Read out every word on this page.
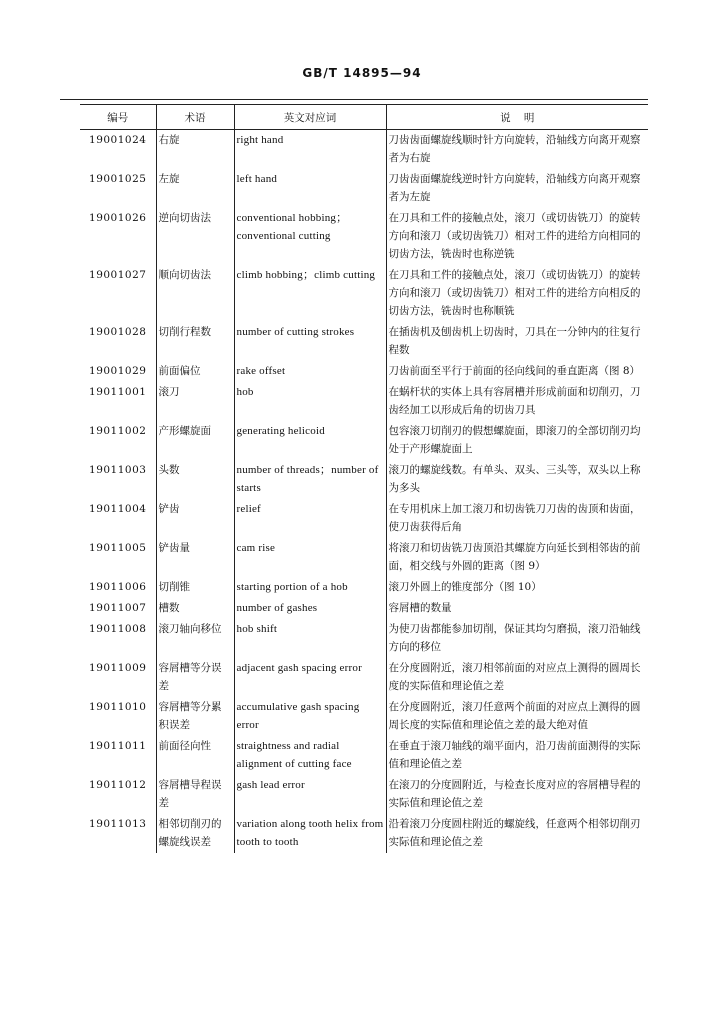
GB/T 14895—94
编号	术语	英文对应词	说    明
19001024	右旋	right hand	刀齿齿面螺旋线顺时针方向旋转，沿轴线方向离开观察者为右旋
19001025	左旋	left hand	刀齿齿面螺旋线逆时针方向旋转，沿轴线方向离开观察者为左旋
19001026	逆向切齿法	conventional hobbing；conventional cutting	在刀具和工件的接触点处，滚刀（或切齿铣刀）的旋转方向和滚刀（或切齿铣刀）相对工件的进给方向相同的切齿方法，铣齿时也称逆铣
19001027	顺向切齿法	climb hobbing；climb cutting	在刀具和工件的接触点处，滚刀（或切齿铣刀）的旋转方向和滚刀（或切齿铣刀）相对工件的进给方向相反的切齿方法，铣齿时也称顺铣
19001028	切削行程数	number of cutting strokes	在插齿机及刨齿机上切齿时，刀具在一分钟内的往复行程数
19001029	前面偏位	rake offset	刀齿前面至平行于前面的径向线间的垂直距离（图 8）
19011001	滚刀	hob	在蜗杆状的实体上具有容屑槽并形成前面和切削刃，刀齿经加工以形成后角的切齿刀具
19011002	产形螺旋面	generating helicoid	包容滚刀切削刃的假想螺旋面，即滚刀的全部切削刃均处于产形螺旋面上
19011003	头数	number of threads；number of starts	滚刀的螺旋线数。有单头、双头、三头等，双头以上称为多头
19011004	铲齿	relief	在专用机床上加工滚刀和切齿铣刀刀齿的齿顶和齿面，使刀齿获得后角
19011005	铲齿量	cam rise	将滚刀和切齿铣刀齿顶沿其螺旋方向延长到相邻齿的前面，相交线与外圆的距离（图 9）
19011006	切削锥	starting portion of a hob	滚刀外圆上的锥度部分（图 10）
19011007	槽数	number of gashes	容屑槽的数量
19011008	滚刀轴向移位	hob shift	为使刀齿都能参加切削，保证其均匀磨损，滚刀沿轴线方向的移位
19011009	容屑槽等分误差	adjacent gash spacing error	在分度圆附近，滚刀相邻前面的对应点上测得的圆周长度的实际值和理论值之差
19011010	容屑槽等分累积误差	accumulative gash spacing error	在分度圆附近，滚刀任意两个前面的对应点上测得的圆周长度的实际值和理论值之差的最大绝对值
19011011	前面径向性	straightness and radial alignment of cutting face	在垂直于滚刀轴线的端平面内，沿刀齿前面测得的实际值和理论值之差
19011012	容屑槽导程误差	gash lead error	在滚刀的分度圆附近，与检查长度对应的容屑槽导程的实际值和理论值之差
19011013	相邻切削刃的螺旋线误差	variation along tooth helix from tooth to tooth	沿着滚刀分度圆柱附近的螺旋线，任意两个相邻切削刃实际值和理论值之差
